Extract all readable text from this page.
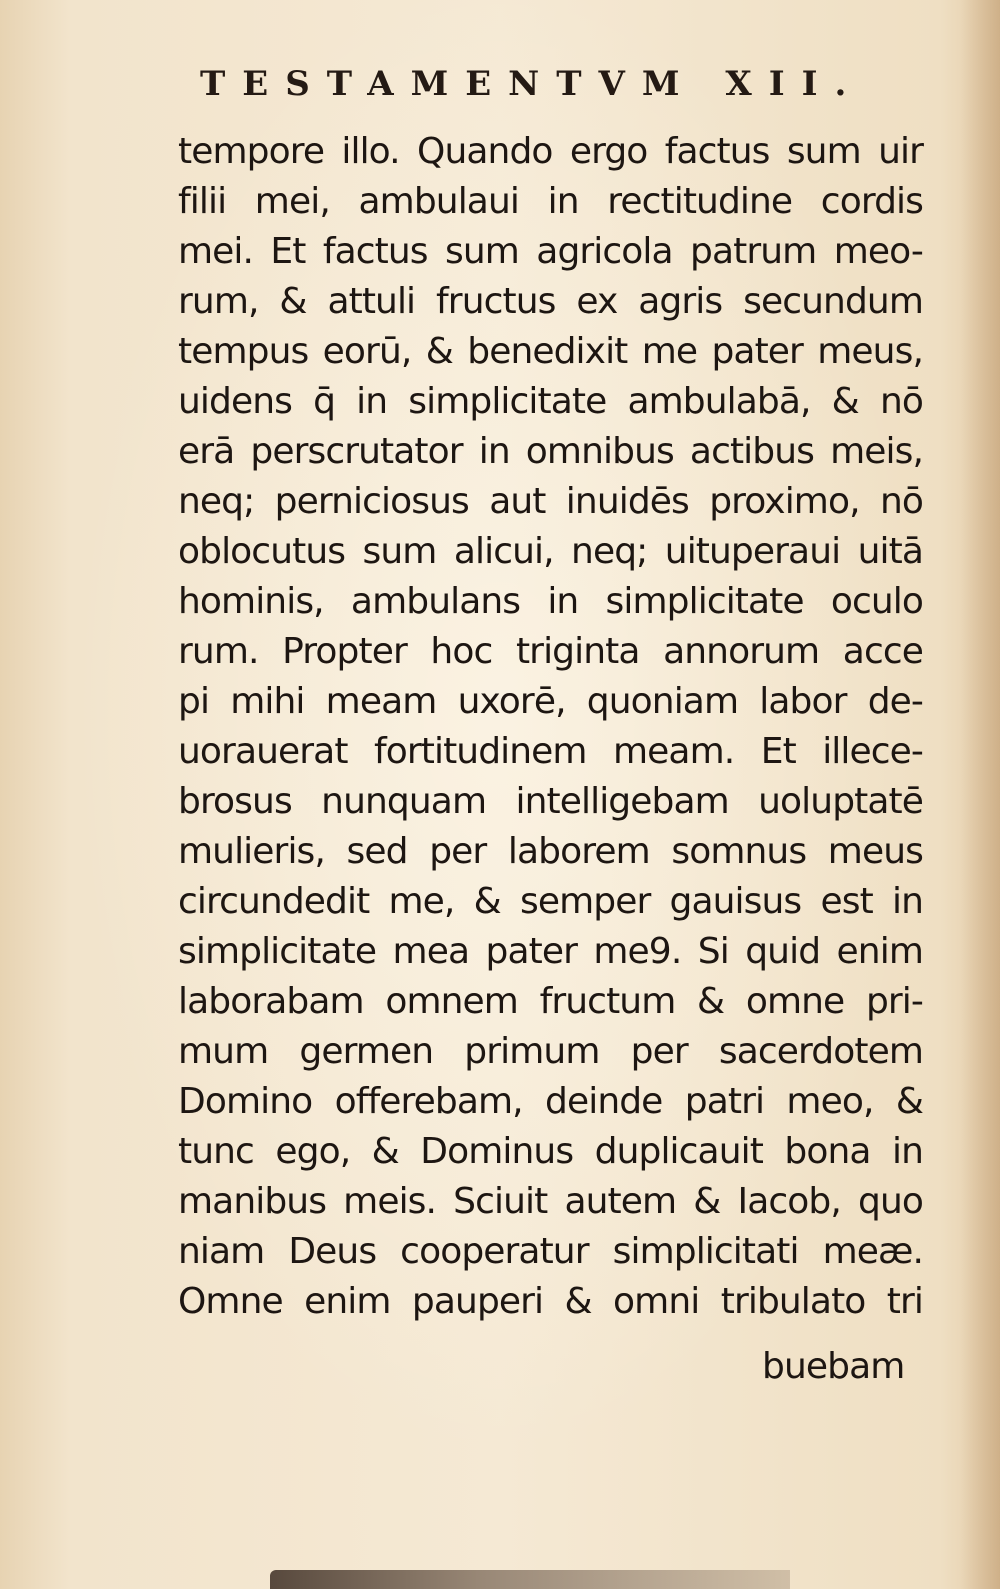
TESTAMENTVM XII.
tempore illo. Quando ergo factus sum uir
filii mei, ambulaui in rectitudine cordis
mei. Et factus sum agricola patrum meo-
rum, & attuli fructus ex agris secundum
tempus eorū, & benedixit me pater meus,
uidens q̄ in simplicitate ambulabā, & nō
erā perscrutator in omnibus actibus meis,
neq; perniciosus aut inuidēs proximo, nō
oblocutus sum alicui, neq; uituperaui uitā
hominis, ambulans in simplicitate oculo
rum. Propter hoc triginta annorum acce
pi mihi meam uxorē, quoniam labor de-
uorauerat fortitudinem meam. Et illece-
brosus nunquam intelligebam uoluptatē
mulieris, sed per laborem somnus meus
circundedit me, & semper gauisus est in
simplicitate mea pater me9. Si quid enim
laborabam omnem fructum & omne pri-
mum germen primum per sacerdotem
Domino offerebam, deinde patri meo, &
tunc ego, & Dominus duplicauit bona in
manibus meis. Sciuit autem & Iacob, quo
niam Deus cooperatur simplicitati meæ.
Omne enim pauperi & omni tribulato tri
buebam
